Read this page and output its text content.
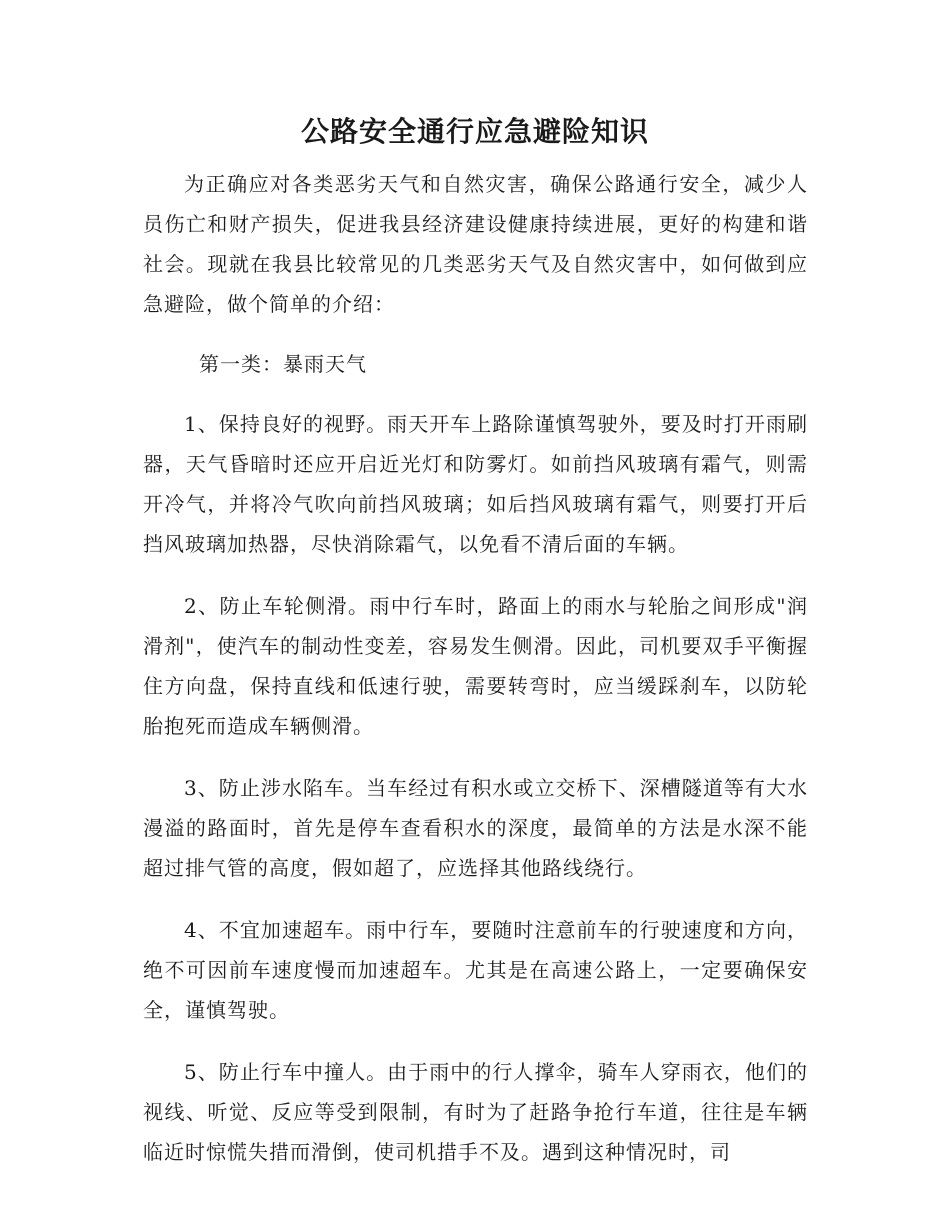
公路安全通行应急避险知识

为正确应对各类恶劣天气和自然灾害，确保公路通行安全，减少人员伤亡和财产损失，促进我县经济建设健康持续进展，更好的构建和谐社会。现就在我县比较常见的几类恶劣天气及自然灾害中，如何做到应急避险，做个简单的介绍：

第一类：暴雨天气

1、保持良好的视野。雨天开车上路除谨慎驾驶外，要及时打开雨刷器，天气昏暗时还应开启近光灯和防雾灯。如前挡风玻璃有霜气，则需开冷气，并将冷气吹向前挡风玻璃；如后挡风玻璃有霜气，则要打开后挡风玻璃加热器，尽快消除霜气，以免看不清后面的车辆。

2、防止车轮侧滑。雨中行车时，路面上的雨水与轮胎之间形成"润滑剂"，使汽车的制动性变差，容易发生侧滑。因此，司机要双手平衡握住方向盘，保持直线和低速行驶，需要转弯时，应当缓踩刹车，以防轮胎抱死而造成车辆侧滑。

3、防止涉水陷车。当车经过有积水或立交桥下、深槽隧道等有大水漫溢的路面时，首先是停车查看积水的深度，最简单的方法是水深不能超过排气管的高度，假如超了，应选择其他路线绕行。

4、不宜加速超车。雨中行车，要随时注意前车的行驶速度和方向，绝不可因前车速度慢而加速超车。尤其是在高速公路上，一定要确保安全，谨慎驾驶。

5、防止行车中撞人。由于雨中的行人撑伞，骑车人穿雨衣，他们的视线、听觉、反应等受到限制，有时为了赶路争抢行车道，往往是车辆临近时惊慌失措而滑倒，使司机措手不及。遇到这种情况时，司
